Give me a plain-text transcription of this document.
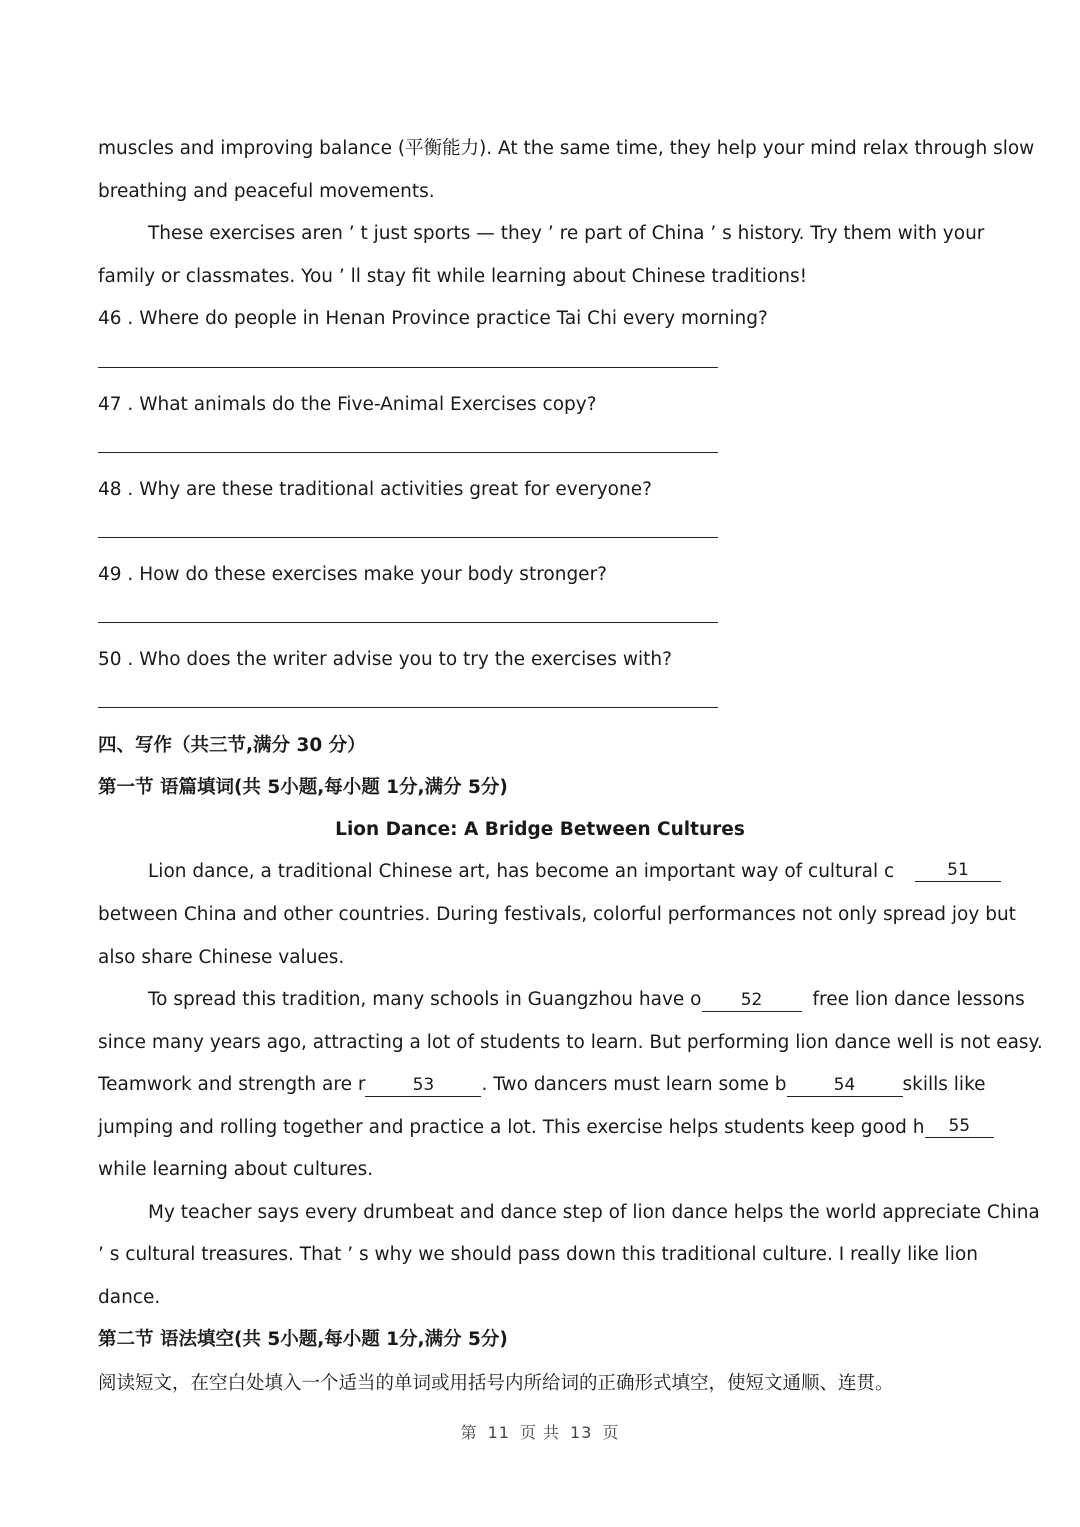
muscles and improving balance (平衡能力). At the same time, they help your mind relax through slow
breathing and peaceful movements.
These exercises aren ’ t just sports — they ’ re part of China ’ s history. Try them with your
family or classmates. You ’ ll stay fit while learning about Chinese traditions!
46 . Where do people in Henan Province practice Tai Chi every morning?
47 . What animals do the Five-Animal Exercises copy?
48 . Why are these traditional activities great for everyone?
49 . How do these exercises make your body stronger?
50 . Who does the writer advise you to try the exercises with?
四、写作（共三节,满分 30 分）
第一节 语篇填词(共 5小题,每小题 1分,满分 5分)
Lion Dance: A Bridge Between Cultures
Lion dance, a traditional Chinese art, has become an important way of cultural c	51
between China and other countries. During festivals, colorful performances not only spread joy but
also share Chinese values.
To spread this tradition, many schools in Guangzhou have o 52	free lion dance lessons
since many years ago, attracting a lot of students to learn. But performing lion dance well is not easy.
Teamwork and strength are r	53	. Two dancers must learn some b	54	skills like
jumping and rolling together and practice a lot. This exercise helps students keep good h	55
while learning about cultures.
My teacher says every drumbeat and dance step of lion dance helps the world appreciate China
’ s cultural treasures. That ’ s why we should pass down this traditional culture. I really like lion
dance.
第二节 语法填空(共 5小题,每小题 1分,满分 5分)
阅读短文，在空白处填入一个适当的单词或用括号内所给词的正确形式填空，使短文通顺、连贯。
第 11 页 共 13 页
